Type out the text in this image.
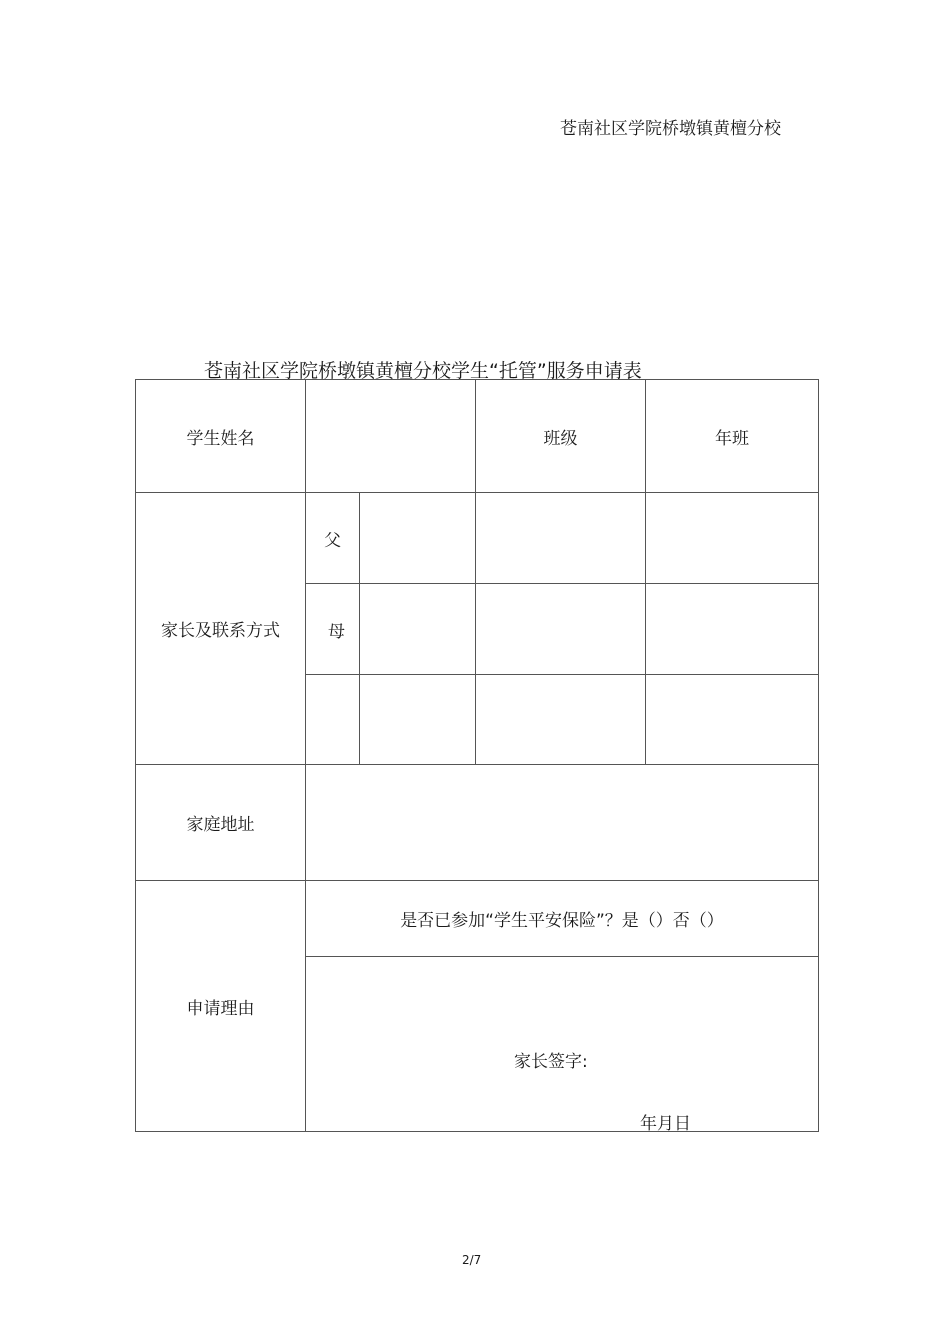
苍南社区学院桥墩镇黄檀分校
苍南社区学院桥墩镇黄檀分校学生“托管”服务申请表
学生姓名			班级	年班
家长及联系方式	父			
	母			

家庭地址				
申请理由	是否已参加“学生平安保险”？是（）否（）			

	家长签字:
年月日			
2/7
